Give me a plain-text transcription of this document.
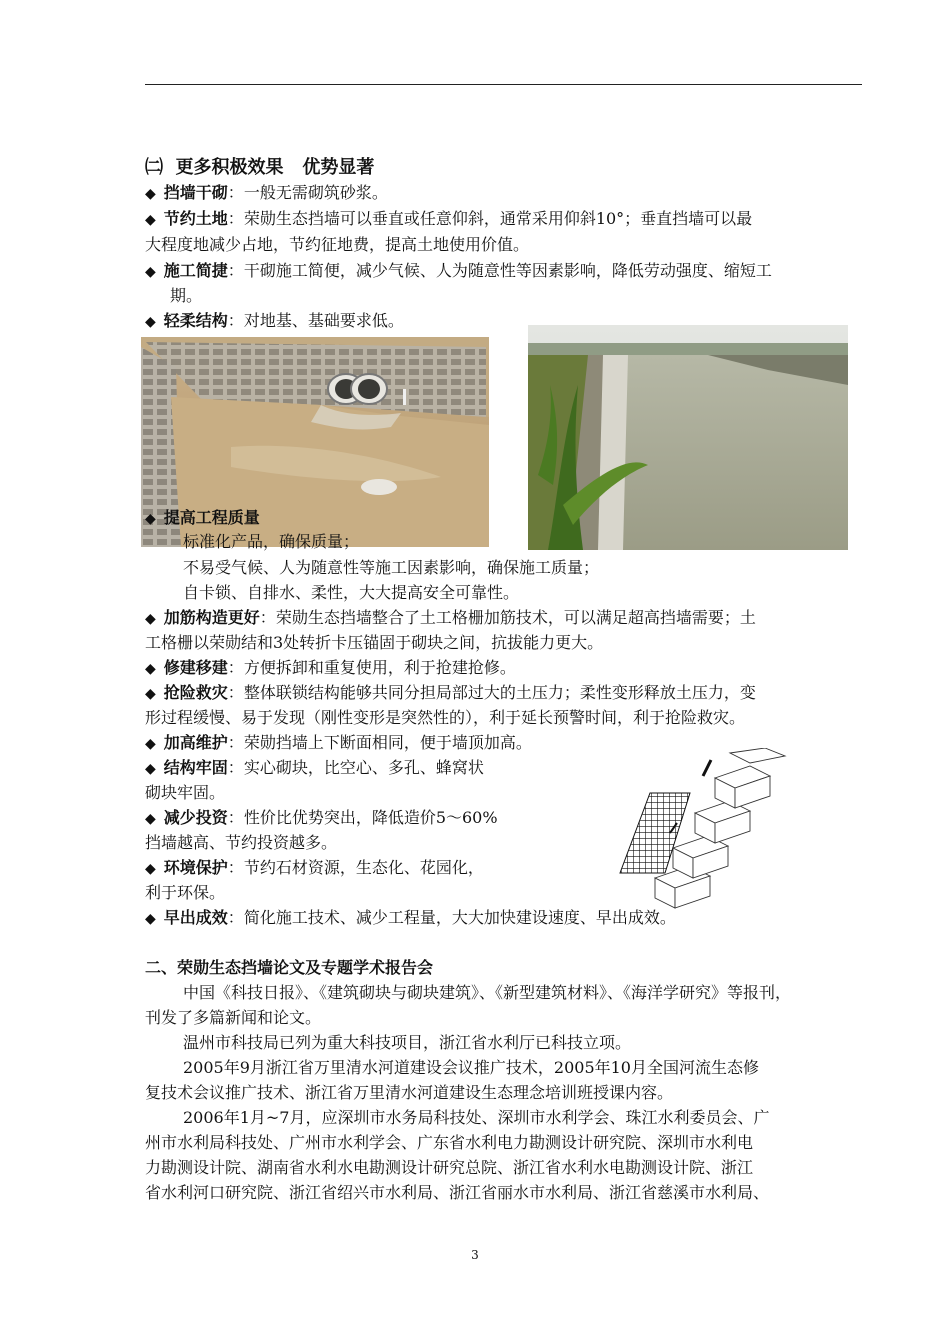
㈡ 更多积极效果   优势显著
◆ 挡墙干砌：一般无需砌筑砂浆。
◆ 节约土地：荣勋生态挡墙可以垂直或任意仰斜，通常采用仰斜10°；垂直挡墙可以最
大程度地减少占地，节约征地费，提高土地使用价值。
◆ 施工简捷：干砌施工简便，减少气候、人为随意性等因素影响，降低劳动强度、缩短工
期。
◆ 轻柔结构：对地基、基础要求低。
◆ 提高工程质量
标准化产品，确保质量；
不易受气候、人为随意性等施工因素影响，确保施工质量；
自卡锁、自排水、柔性，大大提高安全可靠性。
◆ 加筋构造更好：荣勋生态挡墙整合了土工格栅加筋技术，可以满足超高挡墙需要；土
工格栅以荣勋结和3处转折卡压锚固于砌块之间，抗拔能力更大。
◆ 修建移建：方便拆卸和重复使用，利于抢建抢修。
◆ 抢险救灾：整体联锁结构能够共同分担局部过大的土压力；柔性变形释放土压力，变
形过程缓慢、易于发现（刚性变形是突然性的），利于延长预警时间，利于抢险救灾。
◆ 加高维护：荣勋挡墙上下断面相同，便于墙顶加高。
◆ 结构牢固：实心砌块，比空心、多孔、蜂窝状
砌块牢固。
◆ 减少投资：性价比优势突出，降低造价5～60%
挡墙越高、节约投资越多。
◆ 环境保护：节约石材资源，生态化、花园化，
利于环保。
◆ 早出成效：简化施工技术、减少工程量，大大加快建设速度、早出成效。
二、荣勋生态挡墙论文及专题学术报告会
中国《科技日报》、《建筑砌块与砌块建筑》、《新型建筑材料》、《海洋学研究》等报刊，
刊发了多篇新闻和论文。
温州市科技局已列为重大科技项目，浙江省水利厅已科技立项。
2005年9月浙江省万里清水河道建设会议推广技术，2005年10月全国河流生态修
复技术会议推广技术、浙江省万里清水河道建设生态理念培训班授课内容。
2006年1月~7月，应深圳市水务局科技处、深圳市水利学会、珠江水利委员会、广
州市水利局科技处、广州市水利学会、广东省水利电力勘测设计研究院、深圳市水利电
力勘测设计院、湖南省水利水电勘测设计研究总院、浙江省水利水电勘测设计院、浙江
省水利河口研究院、浙江省绍兴市水利局、浙江省丽水市水利局、浙江省慈溪市水利局、
3
